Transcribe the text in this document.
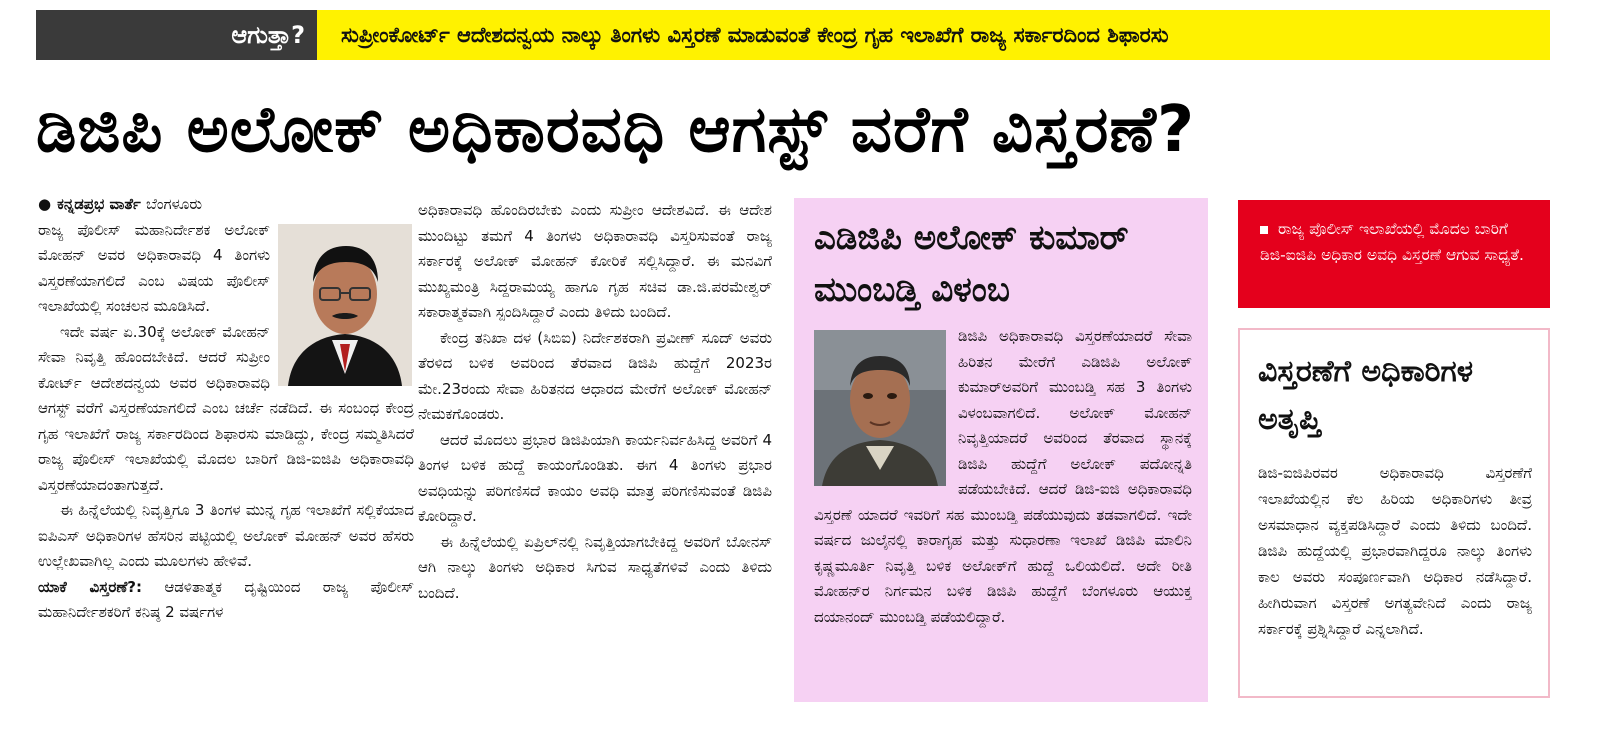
ಆಗುತ್ತಾ?	ಸುಪ್ರೀಂಕೋರ್ಟ್ ಆದೇಶದನ್ವಯ ನಾಲ್ಕು ತಿಂಗಳು ವಿಸ್ತರಣೆ ಮಾಡುವಂತೆ ಕೇಂದ್ರ ಗೃಹ ಇಲಾಖೆಗೆ ರಾಜ್ಯ ಸರ್ಕಾರದಿಂದ ಶಿಫಾರಸು
ಡಿಜಿಪಿ ಅಲೋಕ್ ಅಧಿಕಾರವಧಿ ಆಗಸ್ಟ್ ವರೆಗೆ ವಿಸ್ತರಣೆ?

● ಕನ್ನಡಪ್ರಭ ವಾರ್ತೆ ಬೆಂಗಳೂರು

ರಾಜ್ಯ ಪೊಲೀಸ್ ಮಹಾನಿರ್ದೇಶಕ ಅಲೋಕ್ ಮೋಹನ್ ಅವರ ಅಧಿಕಾರಾವಧಿ 4 ತಿಂಗಳು ವಿಸ್ತರಣೆಯಾಗಲಿದೆ ಎಂಬ ವಿಷಯ ಪೊಲೀಸ್ ಇಲಾಖೆಯಲ್ಲಿ ಸಂಚಲನ ಮೂಡಿಸಿದೆ.

ಇದೇ ವರ್ಷ ಏ.30ಕ್ಕೆ ಅಲೋಕ್ ಮೋಹನ್ ಸೇವಾ ನಿವೃತ್ತಿ ಹೊಂದಬೇಕಿದೆ. ಆದರೆ ಸುಪ್ರೀಂ ಕೋರ್ಟ್ ಆದೇಶದನ್ವಯ ಅವರ ಅಧಿಕಾರಾವಧಿ ಆಗಸ್ಟ್ ವರೆಗೆ ವಿಸ್ತರಣೆಯಾಗಲಿದೆ ಎಂಬ ಚರ್ಚೆ ನಡೆದಿದೆ. ಈ ಸಂಬಂಧ ಕೇಂದ್ರ ಗೃಹ ಇಲಾಖೆಗೆ ರಾಜ್ಯ ಸರ್ಕಾರದಿಂದ ಶಿಫಾರಸು ಮಾಡಿದ್ದು, ಕೇಂದ್ರ ಸಮ್ಮತಿಸಿದರೆ ರಾಜ್ಯ ಪೊಲೀಸ್ ಇಲಾಖೆಯಲ್ಲಿ ಮೊದಲ ಬಾರಿಗೆ ಡಿಜಿ-ಐಜಿಪಿ ಅಧಿಕಾರಾವಧಿ ವಿಸ್ತರಣೆಯಾದಂತಾಗುತ್ತದೆ.

ಈ ಹಿನ್ನೆಲೆಯಲ್ಲಿ ನಿವೃತ್ತಿಗೂ 3 ತಿಂಗಳ ಮುನ್ನ ಗೃಹ ಇಲಾಖೆಗೆ ಸಲ್ಲಿಕೆಯಾದ ಐಪಿಎಸ್ ಅಧಿಕಾರಿಗಳ ಹೆಸರಿನ ಪಟ್ಟಿಯಲ್ಲಿ ಅಲೋಕ್ ಮೋಹನ್ ಅವರ ಹೆಸರು ಉಲ್ಲೇಖವಾಗಿಲ್ಲ ಎಂದು ಮೂಲಗಳು ಹೇಳಿವೆ.

ಯಾಕೆ ವಿಸ್ತರಣೆ?: ಆಡಳಿತಾತ್ಮಕ ದೃಷ್ಟಿಯಿಂದ ರಾಜ್ಯ ಪೊಲೀಸ್ ಮಹಾನಿರ್ದೇಶಕರಿಗೆ ಕನಿಷ್ಠ 2 ವರ್ಷಗಳ

ಅಧಿಕಾರಾವಧಿ ಹೊಂದಿರಬೇಕು ಎಂದು ಸುಪ್ರೀಂ ಆದೇಶವಿದೆ. ಈ ಆದೇಶ ಮುಂದಿಟ್ಟು ತಮಗೆ 4 ತಿಂಗಳು ಅಧಿಕಾರಾವಧಿ ವಿಸ್ತರಿಸುವಂತೆ ರಾಜ್ಯ ಸರ್ಕಾರಕ್ಕೆ ಅಲೋಕ್ ಮೋಹನ್ ಕೋರಿಕೆ ಸಲ್ಲಿಸಿದ್ದಾರೆ. ಈ ಮನವಿಗೆ ಮುಖ್ಯಮಂತ್ರಿ ಸಿದ್ದರಾಮಯ್ಯ ಹಾಗೂ ಗೃಹ ಸಚಿವ ಡಾ.ಜಿ.ಪರಮೇಶ್ವರ್ ಸಕಾರಾತ್ಮಕವಾಗಿ ಸ್ಪಂದಿಸಿದ್ದಾರೆ ಎಂದು ತಿಳಿದು ಬಂದಿದೆ.

ಕೇಂದ್ರ ತನಿಖಾ ದಳ (ಸಿಬಿಐ) ನಿರ್ದೇಶಕರಾಗಿ ಪ್ರವೀಣ್ ಸೂದ್ ಅವರು ತೆರಳಿದ ಬಳಿಕ ಅವರಿಂದ ತೆರವಾದ ಡಿಜಿಪಿ ಹುದ್ದೆಗೆ 2023ರ ಮೇ.23ರಂದು ಸೇವಾ ಹಿರಿತನದ ಆಧಾರದ ಮೇರೆಗೆ ಅಲೋಕ್ ಮೋಹನ್ ನೇಮಕಗೊಂಡರು.

ಆದರೆ ಮೊದಲು ಪ್ರಭಾರ ಡಿಜಿಪಿಯಾಗಿ ಕಾರ್ಯನಿರ್ವಹಿಸಿದ್ದ ಅವರಿಗೆ 4 ತಿಂಗಳ ಬಳಿಕ ಹುದ್ದೆ ಕಾಯಂಗೊಂಡಿತು. ಈಗ 4 ತಿಂಗಳು ಪ್ರಭಾರ ಅವಧಿಯನ್ನು ಪರಿಗಣಿಸದೆ ಕಾಯಂ ಅವಧಿ ಮಾತ್ರ ಪರಿಗಣಿಸುವಂತೆ ಡಿಜಿಪಿ ಕೋರಿದ್ದಾರೆ.

ಈ ಹಿನ್ನೆಲೆಯಲ್ಲಿ ಏಪ್ರಿಲ್‌ನಲ್ಲಿ ನಿವೃತ್ತಿಯಾಗಬೇಕಿದ್ದ ಅವರಿಗೆ ಬೋನಸ್ ಆಗಿ ನಾಲ್ಕು ತಿಂಗಳು ಅಧಿಕಾರ ಸಿಗುವ ಸಾಧ್ಯತೆಗಳಿವೆ ಎಂದು ತಿಳಿದು ಬಂದಿದೆ.

ಎಡಿಜಿಪಿ ಅಲೋಕ್ ಕುಮಾರ್ ಮುಂಬಡ್ತಿ ವಿಳಂಬ

ಡಿಜಿಪಿ ಅಧಿಕಾರಾವಧಿ ವಿಸ್ತರಣೆಯಾದರೆ ಸೇವಾ ಹಿರಿತನ ಮೇರೆಗೆ ಎಡಿಜಿಪಿ ಅಲೋಕ್ ಕುಮಾರ್‌ಅವರಿಗೆ ಮುಂಬಡ್ತಿ ಸಹ 3 ತಿಂಗಳು ವಿಳಂಬವಾಗಲಿದೆ. ಅಲೋಕ್ ಮೋಹನ್ ನಿವೃತ್ತಿಯಾದರೆ ಅವರಿಂದ ತೆರವಾದ ಸ್ಥಾನಕ್ಕೆ ಡಿಜಿಪಿ ಹುದ್ದೆಗೆ ಅಲೋಕ್ ಪದೋನ್ನತಿ ಪಡೆಯಬೇಕಿದೆ. ಆದರೆ ಡಿಜಿ-ಐಜಿ ಅಧಿಕಾರಾವಧಿ ವಿಸ್ತರಣೆ ಯಾದರೆ ಇವರಿಗೆ ಸಹ ಮುಂಬಡ್ತಿ ಪಡೆಯುವುದು ತಡವಾಗಲಿದೆ. ಇದೇ ವರ್ಷದ ಜುಲೈನಲ್ಲಿ ಕಾರಾಗೃಹ ಮತ್ತು ಸುಧಾರಣಾ ಇಲಾಖೆ ಡಿಜಿಪಿ ಮಾಲಿನಿ ಕೃಷ್ಣಮೂರ್ತಿ ನಿವೃತ್ತಿ ಬಳಿಕ ಅಲೋಕ್‌ಗೆ ಹುದ್ದೆ ಒಲಿಯಲಿದೆ. ಅದೇ ರೀತಿ ಮೋಹನ್‌ರ ನಿರ್ಗಮನ ಬಳಿಕ ಡಿಜಿಪಿ ಹುದ್ದೆಗೆ ಬೆಂಗಳೂರು ಆಯುಕ್ತ ದಯಾನಂದ್ ಮುಂಬಡ್ತಿ ಪಡೆಯಲಿದ್ದಾರೆ.

ರಾಜ್ಯ ಪೊಲೀಸ್ ಇಲಾಖೆಯಲ್ಲಿ ಮೊದಲ ಬಾರಿಗೆ ಡಿಜಿ-ಐಜಿಪಿ ಅಧಿಕಾರ ಅವಧಿ ವಿಸ್ತರಣೆ ಆಗುವ ಸಾಧ್ಯತೆ.
ವಿಸ್ತರಣೆಗೆ ಅಧಿಕಾರಿಗಳ ಅತೃಪ್ತಿ
ಡಿಜಿ-ಐಜಿಪಿರವರ ಅಧಿಕಾರಾವಧಿ ವಿಸ್ತರಣೆಗೆ ಇಲಾಖೆಯಲ್ಲಿನ ಕೆಲ ಹಿರಿಯ ಅಧಿಕಾರಿಗಳು ತೀವ್ರ ಅಸಮಾಧಾನ ವ್ಯಕ್ತಪಡಿಸಿದ್ದಾರೆ ಎಂದು ತಿಳಿದು ಬಂದಿದೆ. ಡಿಜಿಪಿ ಹುದ್ದೆಯಲ್ಲಿ ಪ್ರಭಾರವಾಗಿದ್ದರೂ ನಾಲ್ಕು ತಿಂಗಳು ಕಾಲ ಅವರು ಸಂಪೂರ್ಣವಾಗಿ ಅಧಿಕಾರ ನಡೆಸಿದ್ದಾರೆ. ಹೀಗಿರುವಾಗ ವಿಸ್ತರಣೆ ಅಗತ್ಯವೇನಿದೆ ಎಂದು ರಾಜ್ಯ ಸರ್ಕಾರಕ್ಕೆ ಪ್ರಶ್ನಿಸಿದ್ದಾರೆ ಎನ್ನಲಾಗಿದೆ.
